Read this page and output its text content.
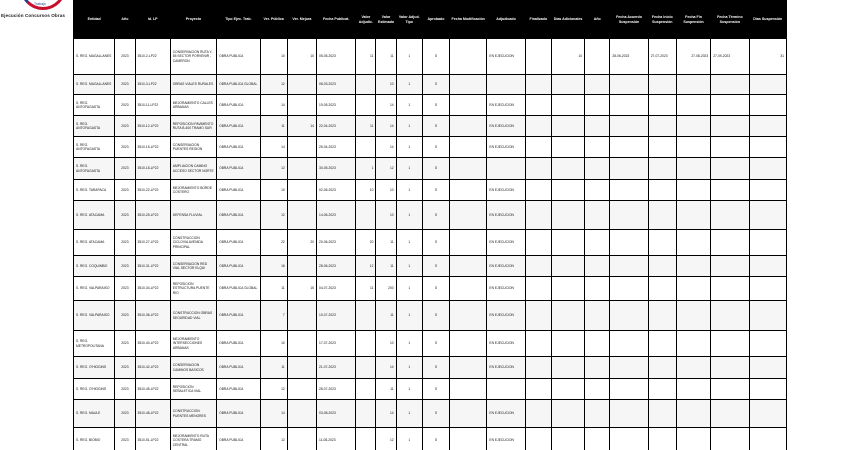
Trabajo
Ejecución Concursos Obras
Entidad	Año	Id. LP	Proyecto	Tipo Ejec. Trab.	Ver. Pública	Ver. Mejora	Fecha Publicat.	Valor Adjudic.	Valor Estimado	Valor Adjud. Tipo	Aprobado	Fecha Modificación	Adjudicado	Finalizado	Días Adicionales	Año	Fecha Acuerdo Suspensión	Fecha Inicio Suspensión	Fecha Fin Suspensión	Fecha Término Suspensión	Días Suspensión
S. REG. MAGALLANES	2023	3510-2-LP22	CONSERVACION RUTA Y-65 SECTOR PORVENIR - CAMERON	OBRA PUBLICA	10	10	05-05-2023	11	11	1	S		EN EJECUCION		10		28-06-2023	27-07-2023	27-08-2023	27-09-2023	31
S. REG. MAGALLANES	2023	3510-3-LP22	OBRAS VIALES RURALES	OBRA PUBLICA GLOBAL	12		08-03-2023		10	1	S										
S. REG. ANTOFAGASTA	2023	3510-11-LP22	MEJORAMIENTO CALLES URBANAS	OBRA PUBLICA	14		19-05-2023		14	1	S		EN EJECUCION								
S. REG. ANTOFAGASTA	2023	3510-12-LP22	REPOSICION PAVIMENTO RUTA B-400 TRAMO SUR	OBRA PUBLICA	11	14	22-04-2023	11	14	1	S		EN EJECUCION								
S. REG. ANTOFAGASTA	2023	3510-15-LP22	CONSERVACION PUENTES REGION	OBRA PUBLICA	14		25-04-2023		14	1	S		EN EJECUCION								
S. REG. ANTOFAGASTA	2023	3510-18-LP22	AMPLIACION CAMINO ACCESO SECTOR NORTE	OBRA PUBLICA	12		30-05-2023	1	12	1	S										
S. REG. TARAPACA	2023	3510-22-LP22	MEJORAMIENTO BORDE COSTERO	OBRA PUBLICA	10		02-06-2023	10	10	1	S		EN EJECUCION								
S. REG. ATACAMA	2023	3510-25-LP22	DEFENSA FLUVIAL	OBRA PUBLICA	12		14-06-2023		10	1	S		EN EJECUCION								
S. REG. ATACAMA	2023	3510-27-LP22	CONSTRUCCION CICLOVIA AVENIDA PRINCIPAL	OBRA PUBLICA	22	20	20-06-2023	20	11	1	S		EN EJECUCION								
S. REG. COQUIMBO	2023	3510-31-LP22	CONSERVACION RED VIAL SECTOR ELQUI	OBRA PUBLICA	16		28-06-2023	12	11	1	S		EN EJECUCION								
S. REG. VALPARAISO	2023	3510-34-LP22	REPOSICION ESTRUCTURA PUENTE RIO	OBRA PUBLICA GLOBAL	11	15	04-07-2023	11	200	1	S		EN EJECUCION								
S. REG. VALPARAISO	2023	3510-36-LP22	CONSTRUCCION OBRAS SEGURIDAD VIAL	OBRA PUBLICA	7		10-07-2023		11	1	S		EN EJECUCION								
S. REG. METROPOLITANA	2023	3510-40-LP22	MEJORAMIENTO INTERSECCIONES URBANAS	OBRA PUBLICA	10		17-07-2023		10	1	S		EN EJECUCION								
S. REG. O'HIGGINS	2023	3510-42-LP22	CONSERVACION CAMINOS BASICOS	OBRA PUBLICA	11		21-07-2023		14	1	S		EN EJECUCION								
S. REG. O'HIGGINS	2023	3510-45-LP22	REPOSICION SEÑALETICA VIAL	OBRA PUBLICA	12		28-07-2023		11	1	S										
S. REG. MAULE	2023	3510-48-LP22	CONSTRUCCION PUENTES MENORES	OBRA PUBLICA	14		03-08-2023		14	1	S		EN EJECUCION								
S. REG. BIOBIO	2023	3510-51-LP22	MEJORAMIENTO RUTA COSTERA TRAMO CENTRAL	OBRA PUBLICA	12		11-08-2023		12	1	S		EN EJECUCION								
